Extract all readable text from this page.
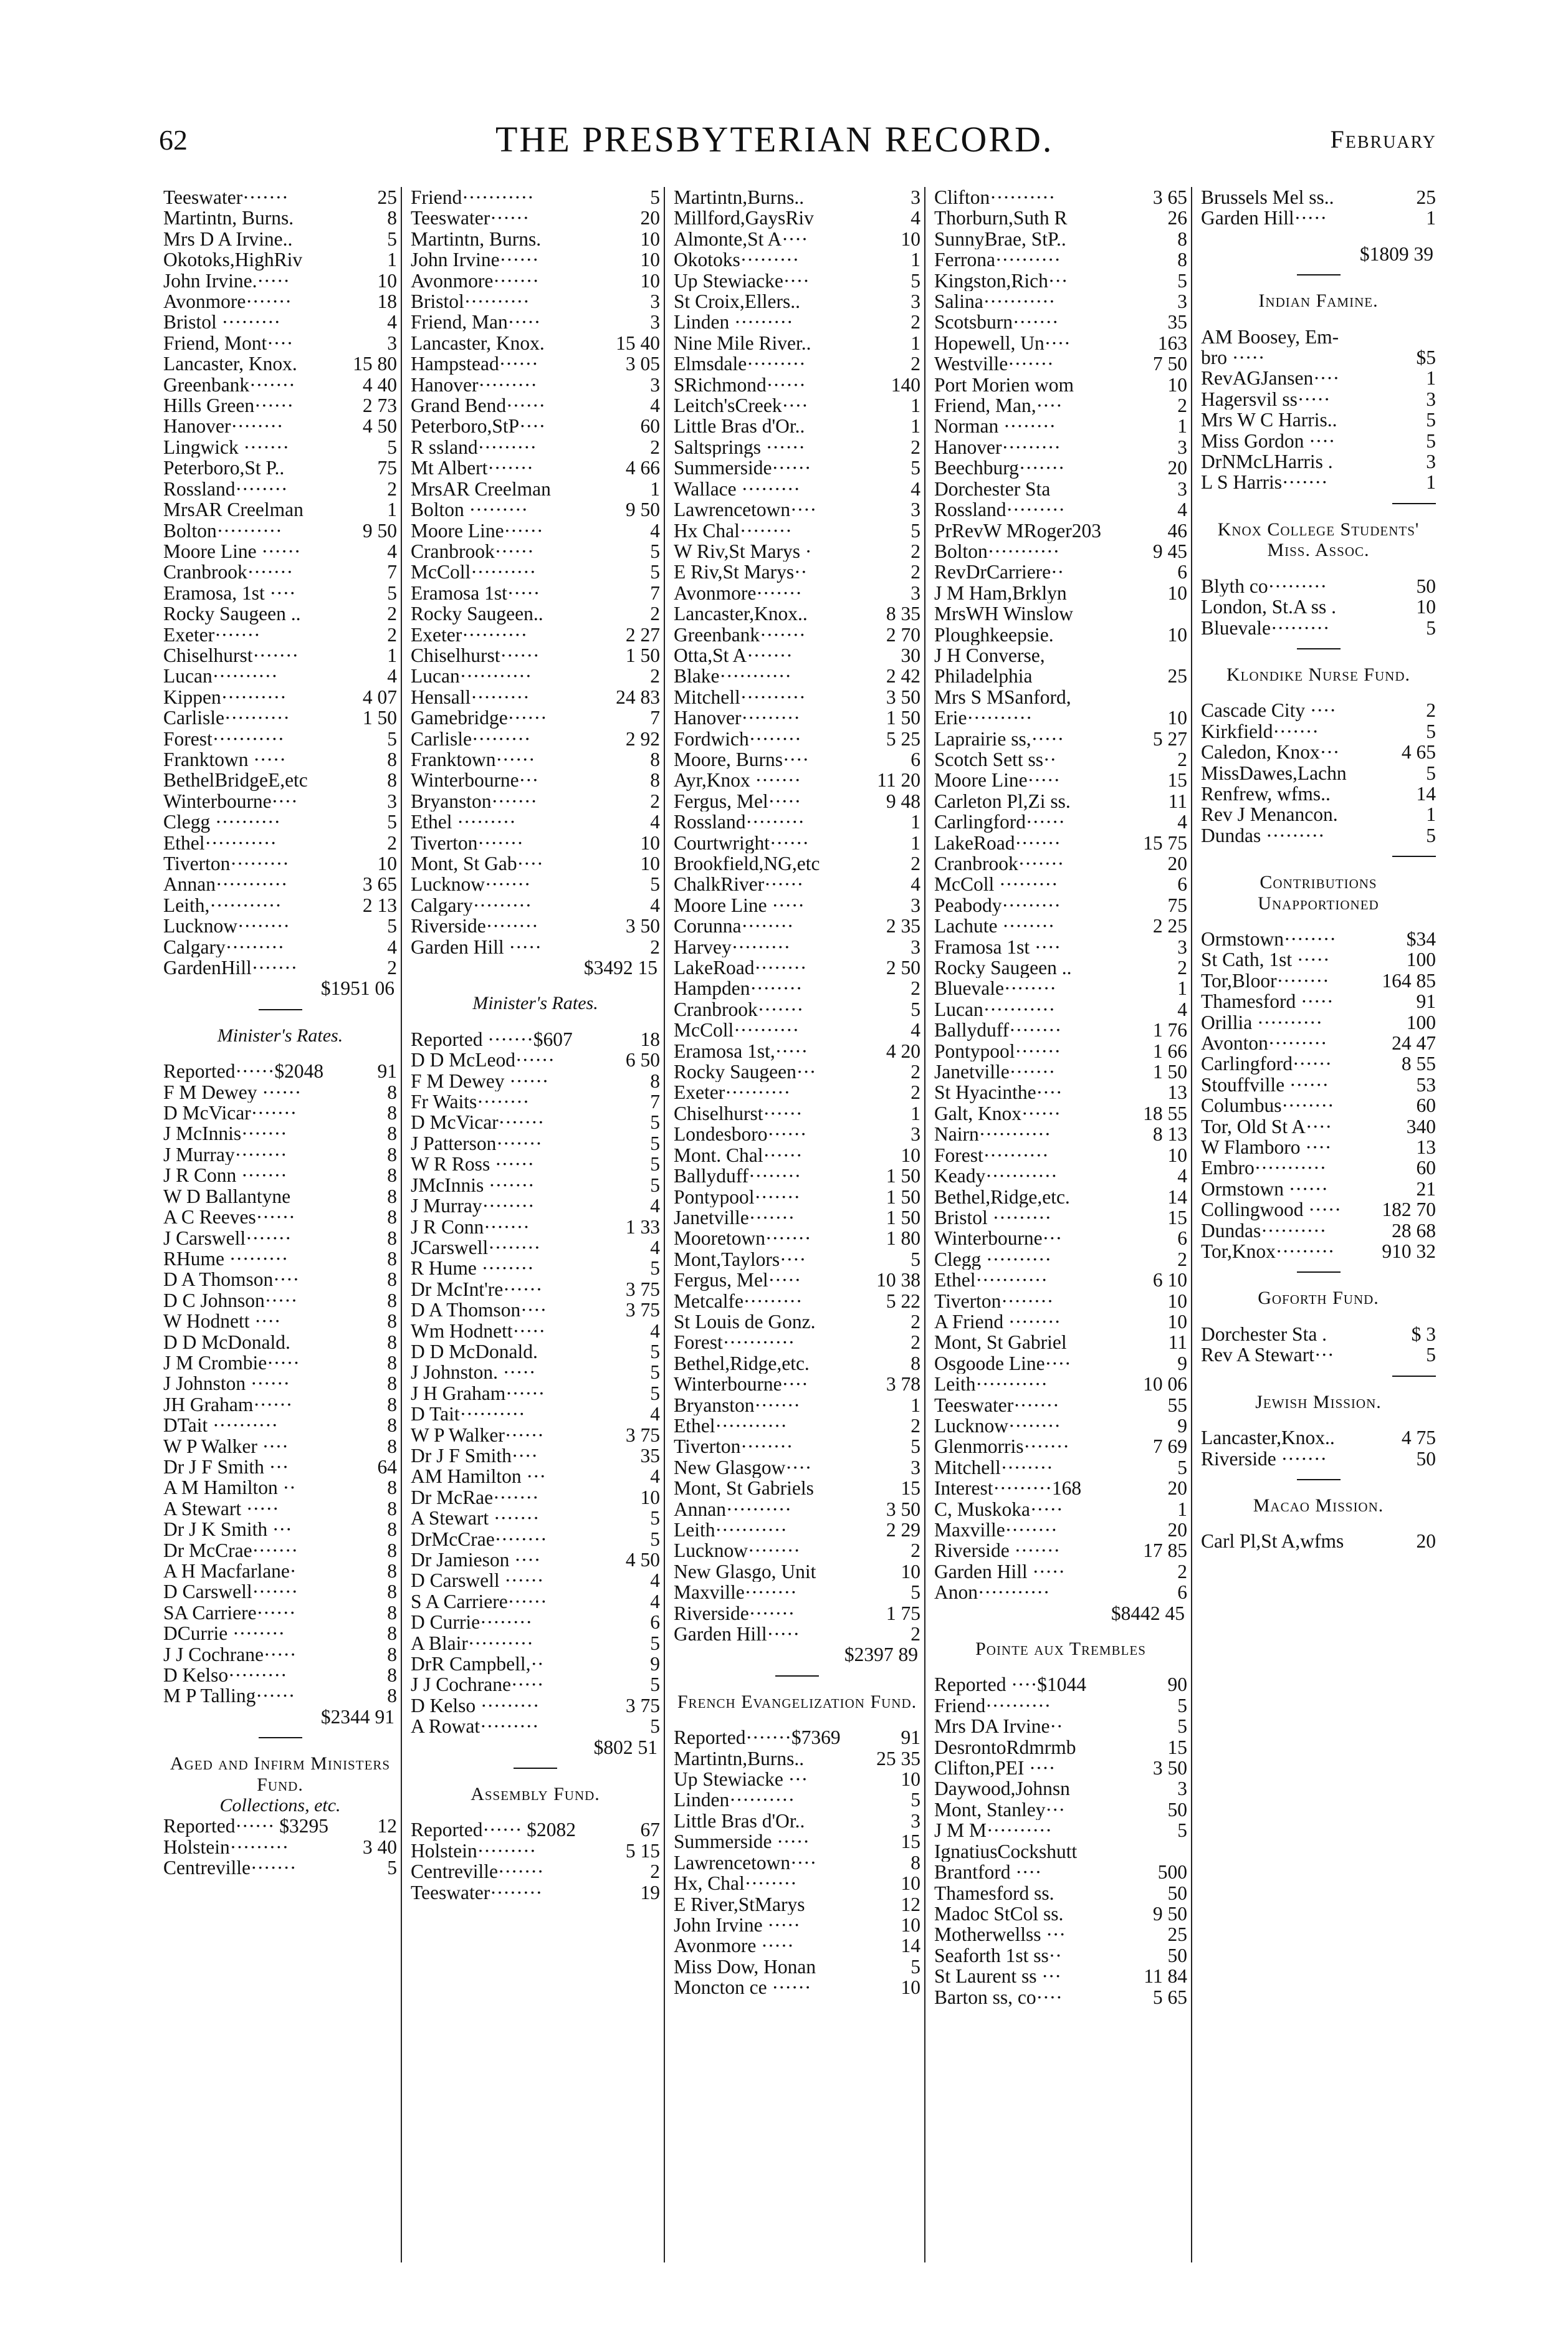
62	THE PRESBYTERIAN RECORD.	February
Teeswater·······	25
Martintn, Burns.	8
Mrs D A Irvine..	5
Okotoks,HighRiv	1
John Irvine.·····	10
Avonmore·······	18
Bristol ·········	4
Friend, Mont····	3
Lancaster, Knox.	15 80
Greenbank·······	4 40
Hills Green······	2 73
Hanover········	4 50
Lingwick ·······	5
Peterboro,St P..	75
Rossland········	2
MrsAR Creelman	1
Bolton··········	9 50
Moore Line ······	4
Cranbrook·······	7
Eramosa, 1st ····	5
Rocky Saugeen ..	2
Exeter·······	2
Chiselhurst·······	1
Lucan··········	4
Kippen··········	4 07
Carlisle··········	1 50
Forest···········	5
Franktown ·····	8
BethelBridgeE,etc	8
Winterbourne····	3
Clegg ··········	5
Ethel···········	2
Tiverton·········	10
Annan···········	3 65
Leith,···········	2 13
Lucknow········	5
Calgary·········	4
GardenHill·······	2
$1951 06
Minister's Rates.
Reported······$2048	91
F M Dewey ······	8
D McVicar·······	8
J McInnis·······	8
J Murray········	8
J R Conn ·······	8
W D Ballantyne	8
A C Reeves······	8
J Carswell·······	8
RHume ·········	8
D A Thomson····	8
D C Johnson·····	8
W Hodnett ····	8
D D McDonald.	8
J M Crombie·····	8
J Johnston ······	8
JH Graham······	8
DTait ··········	8
W P Walker ····	8
Dr J F Smith ···	64
A M Hamilton ··	8
A Stewart ·····	8
Dr J K Smith ···	8
Dr McCrae·······	8
A H Macfarlane·	8
D Carswell·······	8
SA Carriere······	8
DCurrie ········	8
J J Cochrane·····	8
D Kelso·········	8
M P Talling······	8
$2344 91
Aged and Infirm Ministers Fund.
Collections, etc.
Reported······ $3295	12
Holstein·········	3 40
Centreville·······	5
Friend···········	5
Teeswater······	20
Martintn, Burns.	10
John Irvine······	10
Avonmore·······	10
Bristol··········	3
Friend, Man·····	3
Lancaster, Knox.	15 40
Hampstead······	3 05
Hanover·········	3
Grand Bend······	4
Peterboro,StP····	60
R ssland·········	2
Mt Albert·······	4 66
MrsAR Creelman	1
Bolton ·········	9 50
Moore Line······	4
Cranbrook······	5
McColl··········	5
Eramosa 1st·····	7
Rocky Saugeen..	2
Exeter··········	2 27
Chiselhurst······	1 50
Lucan···········	2
Hensall·········	24 83
Gamebridge······	7
Carlisle·········	2 92
Franktown······	8
Winterbourne···	8
Bryanston·······	2
Ethel ·········	4
Tiverton·······	10
Mont, St Gab····	10
Lucknow·······	5
Calgary·········	4
Riverside········	3 50
Garden Hill ·····	2
$3492 15
Minister's Rates.
Reported ·······$607	18
D D McLeod······	6 50
F M Dewey ······	8
Fr Waits········	7
D McVicar·······	5
J Patterson·······	5
W R Ross ······	5
JMcInnis ·······	5
J Murray········	4
J R Conn·······	1 33
JCarswell········	4
R Hume ········	5
Dr McInt're······	3 75
D A Thomson····	3 75
Wm Hodnett·····	4
D D McDonald.	5
J Johnston. ·····	5
J H Graham······	5
D Tait··········	4
W P Walker······	3 75
Dr J F Smith····	35
AM Hamilton ···	4
Dr McRae·······	10
A Stewart ·······	5
DrMcCrae········	5
Dr Jamieson ····	4 50
D Carswell ······	4
S A Carriere······	4
D Currie········	6
A Blair··········	5
DrR Campbell,··	9
J J Cochrane·····	5
D Kelso ·········	3 75
A Rowat·········	5
$802 51
Assembly Fund.
Reported······ $2082	67
Holstein·········	5 15
Centreville·······	2
Teeswater········	19
Martintn,Burns..	3
Millford,GaysRiv	4
Almonte,St A····	10
Okotoks·········	1
Up Stewiacke····	5
St Croix,Ellers..	3
Linden ·········	2
Nine Mile River..	1
Elmsdale·········	2
SRichmond······	140
Leitch'sCreek····	1
Little Bras d'Or..	1
Saltsprings ······	2
Summerside······	5
Wallace ·········	4
Lawrencetown····	3
Hx Chal········	5
W Riv,St Marys ·	2
E Riv,St Marys··	2
Avonmore·······	3
Lancaster,Knox..	8 35
Greenbank·······	2 70
Otta,St A·······	30
Blake···········	2 42
Mitchell··········	3 50
Hanover·········	1 50
Fordwich········	5 25
Moore, Burns····	6
Ayr,Knox ·······	11 20
Fergus, Mel·····	9 48
Rossland·········	1
Courtwright······	1
Brookfield,NG,etc	2
ChalkRiver······	4
Moore Line ·····	3
Corunna········	2 35
Harvey·········	3
LakeRoad········	2 50
Hampden········	2
Cranbrook·······	5
McColl··········	4
Eramosa 1st,·····	4 20
Rocky Saugeen···	2
Exeter··········	2
Chiselhurst······	1
Londesboro······	3
Mont. Chal······	10
Ballyduff········	1 50
Pontypool·······	1 50
Janetville·······	1 50
Mooretown·······	1 80
Mont,Taylors····	5
Fergus, Mel·····	10 38
Metcalfe·········	5 22
St Louis de Gonz.	2
Forest···········	2
Bethel,Ridge,etc.	8
Winterbourne····	3 78
Bryanston·······	1
Ethel···········	2
Tiverton········	5
New Glasgow····	3
Mont, St Gabriels	15
Annan··········	3 50
Leith···········	2 29
Lucknow········	2
New Glasgo, Unit	10
Maxville········	5
Riverside·······	1 75
Garden Hill·····	2
$2397 89
French Evangelization Fund.
Reported·······$7369	91
Martintn,Burns..	25 35
Up Stewiacke ···	10
Linden··········	5
Little Bras d'Or..	3
Summerside ·····	15
Lawrencetown····	8
Hx, Chal········	10
E River,StMarys	12
John Irvine ·····	10
Avonmore ·····	14
Miss Dow, Honan	5
Moncton ce ······	10
Clifton··········	3 65
Thorburn,Suth R	26
SunnyBrae, StP..	8
Ferrona··········	8
Kingston,Rich···	5
Salina···········	3
Scotsburn·······	35
Hopewell, Un····	163
Westville·······	7 50
Port Morien wom	10
Friend, Man,····	2
Norman ········	1
Hanover·········	3
Beechburg·······	20
Dorchester Sta	3
Rossland·········	4
PrRevW MRoger203	46
Bolton···········	9 45
RevDrCarriere··	6
J M Ham,Brklyn	10
MrsWH Winslow
Ploughkeepsie.	10
J H Converse,
Philadelphia	25
Mrs S MSanford,
Erie··········	10
Laprairie ss,·····	5 27
Scotch Sett ss··	2
Moore Line·····	15
Carleton Pl,Zi ss.	11
Carlingford······	4
LakeRoad·······	15 75
Cranbrook·······	20
McColl ·········	6
Peabody·········	75
Lachute ········	2 25
Framosa 1st ····	3
Rocky Saugeen ..	2
Bluevale········	1
Lucan···········	4
Ballyduff········	1 76
Pontypool·······	1 66
Janetville·······	1 50
St Hyacinthe····	13
Galt, Knox······	18 55
Nairn···········	8 13
Forest··········	10
Keady···········	4
Bethel,Ridge,etc.	14
Bristol ·········	15
Winterbourne···	6
Clegg ··········	2
Ethel···········	6 10
Tiverton········	10
A Friend ········	10
Mont, St Gabriel	11
Osgoode Line····	9
Leith···········	10 06
Teeswater·······	55
Lucknow········	9
Glenmorris·······	7 69
Mitchell········	5
Interest·········168	20
C, Muskoka·····	1
Maxville········	20
Riverside ·······	17 85
Garden Hill ·····	2
Anon···········	6
$8442 45
Pointe aux Trembles
Reported ····$1044	90
Friend··········	5
Mrs DA Irvine··	5
DesrontoRdmrmb	15
Clifton,PEI ····	3 50
Daywood,Johnsn	3
Mont, Stanley···	50
J M M··········	5
IgnatiusCockshutt
Brantford ····	500
Thamesford ss.	50
Madoc StCol ss.	9 50
Motherwellss ···	25
Seaforth 1st ss··	50
St Laurent ss ···	11 84
Barton ss, co····	5 65
Brussels Mel ss..	25
Garden Hill·····	1
$1809 39
Indian Famine.
AM Boosey, Em-
bro ·····	$5
RevAGJansen····	1
Hagersvil ss·····	3
Mrs W C Harris..	5
Miss Gordon ····	5
DrNMcLHarris .	3
L S Harris·······	1
Knox College Students' Miss. Assoc.
Blyth co·········	50
London, St.A ss .	10
Bluevale·········	5
Klondike Nurse Fund.
Cascade City ····	2
Kirkfield·······	5
Caledon, Knox···	4 65
MissDawes,Lachn	5
Renfrew, wfms..	14
Rev J Menancon.	1
Dundas ·········	5
Contributions Unapportioned
Ormstown········	$34
St Cath, 1st ·····	100
Tor,Bloor········	164 85
Thamesford ·····	91
Orillia ··········	100
Avonton·········	24 47
Carlingford······	8 55
Stouffville ······	53
Columbus········	60
Tor, Old St A····	340
W Flamboro ····	13
Embro···········	60
Ormstown ······	21
Collingwood ·····	182 70
Dundas··········	28 68
Tor,Knox·········	910 32
Goforth Fund.
Dorchester Sta .	$ 3
Rev A Stewart···	5
Jewish Mission.
Lancaster,Knox..	4 75
Riverside ·······	50
Macao Mission.
Carl Pl,St A,wfms	20
